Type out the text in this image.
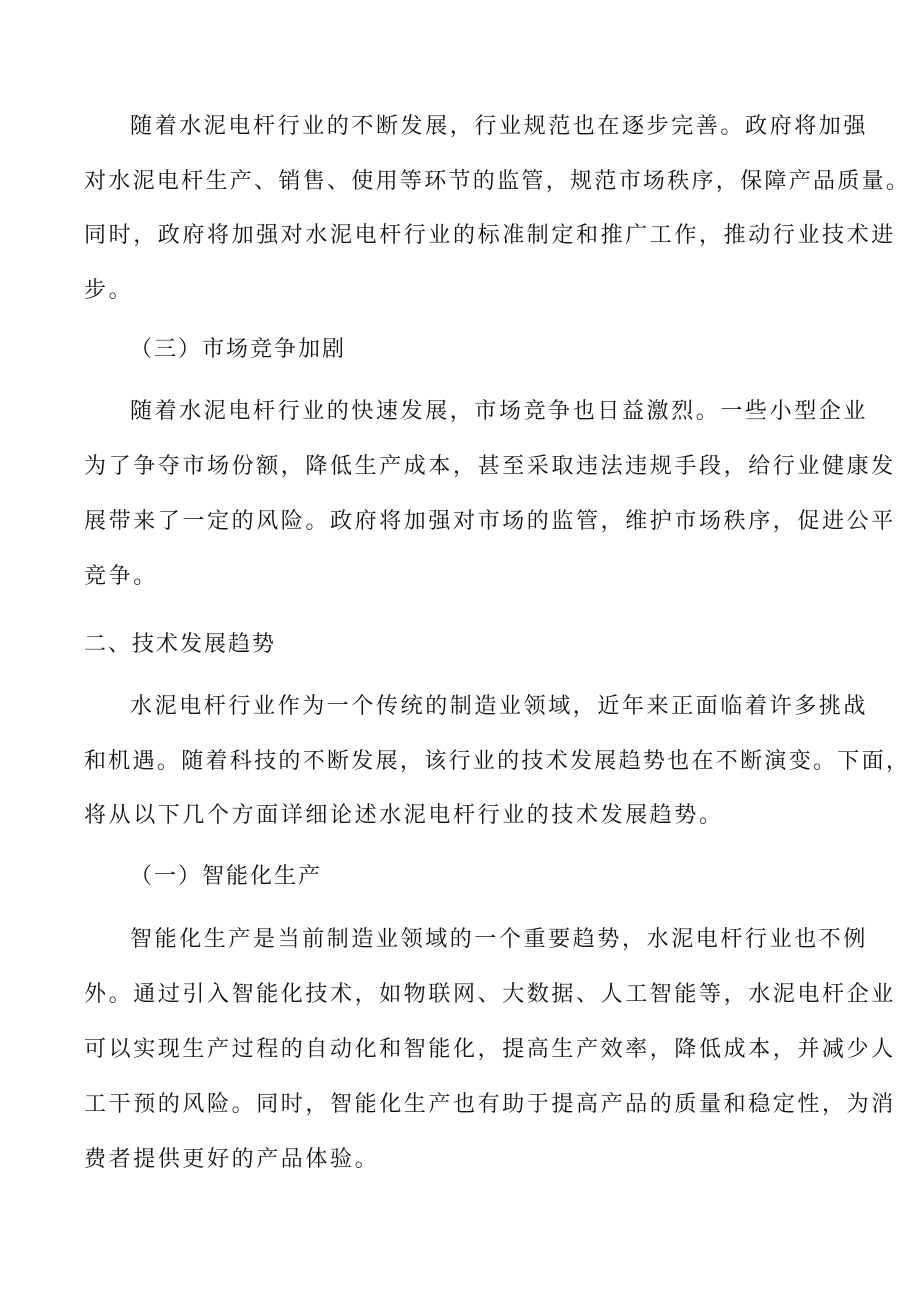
随着水泥电杆行业的不断发展，行业规范也在逐步完善。政府将加强
对水泥电杆生产、销售、使用等环节的监管，规范市场秩序，保障产品质量。
同时，政府将加强对水泥电杆行业的标准制定和推广工作，推动行业技术进
步。
（三）市场竞争加剧
随着水泥电杆行业的快速发展，市场竞争也日益激烈。一些小型企业
为了争夺市场份额，降低生产成本，甚至采取违法违规手段，给行业健康发
展带来了一定的风险。政府将加强对市场的监管，维护市场秩序，促进公平
竞争。
二、技术发展趋势
水泥电杆行业作为一个传统的制造业领域，近年来正面临着许多挑战
和机遇。随着科技的不断发展，该行业的技术发展趋势也在不断演变。下面，
将从以下几个方面详细论述水泥电杆行业的技术发展趋势。
（一）智能化生产
智能化生产是当前制造业领域的一个重要趋势，水泥电杆行业也不例
外。通过引入智能化技术，如物联网、大数据、人工智能等，水泥电杆企业
可以实现生产过程的自动化和智能化，提高生产效率，降低成本，并减少人
工干预的风险。同时，智能化生产也有助于提高产品的质量和稳定性，为消
费者提供更好的产品体验。
